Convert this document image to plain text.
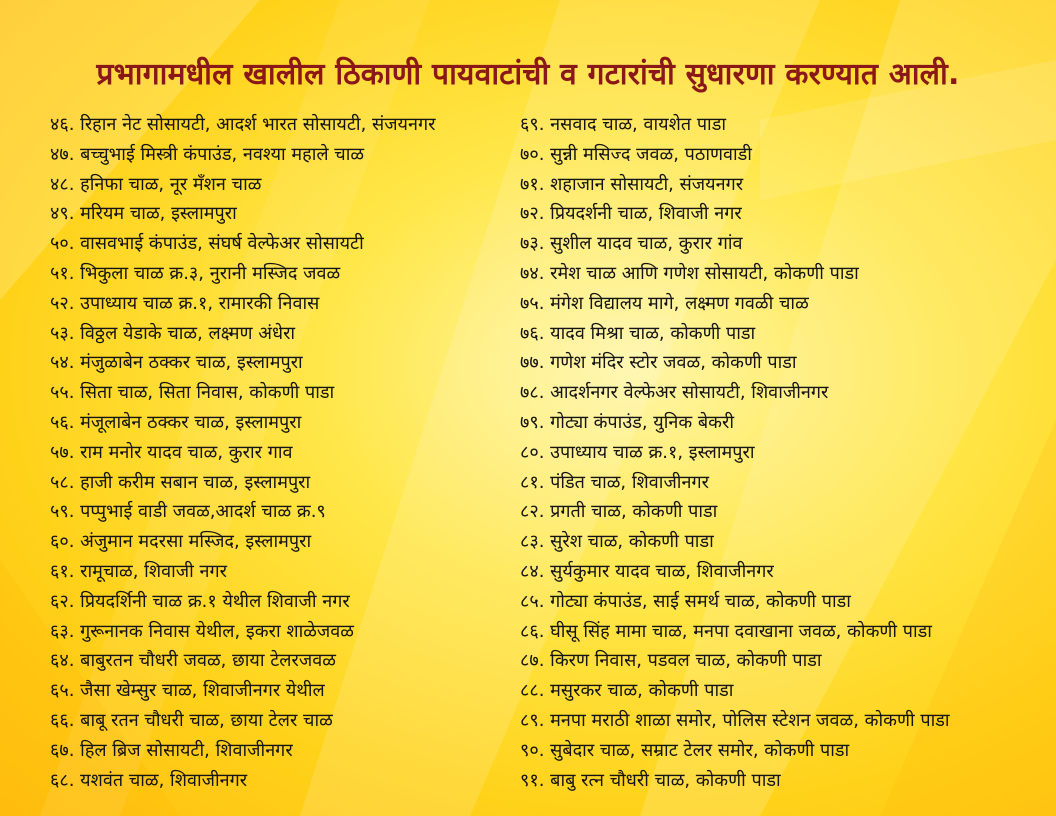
प्रभागामधील खालील ठिकाणी पायवाटांची व गटारांची सुधारणा करण्यात आली.
४६. रिहान नेट सोसायटी, आदर्श भारत सोसायटी, संजयनगर
४७. बच्चुभाई मिस्त्री कंपाउंड, नवश्या महाले चाळ
४८. हनिफा चाळ, नूर मँशन चाळ
४९. मरियम चाळ, इस्लामपुरा
५०. वासवभाई कंपाउंड, संघर्ष वेल्फेअर सोसायटी
५१. भिकुला चाळ क्र.३, नुरानी मस्जिद जवळ
५२. उपाध्याय चाळ क्र.१, रामारकी निवास
५३. विठ्ठल येडाके चाळ, लक्ष्मण अंधेरा
५४. मंजुळाबेन ठक्कर चाळ, इस्लामपुरा
५५. सिता चाळ, सिता निवास, कोकणी पाडा
५६. मंजूलाबेन ठक्कर चाळ, इस्लामपुरा
५७. राम मनोर यादव चाळ, कुरार गाव
५८. हाजी करीम सबान चाळ, इस्लामपुरा
५९. पप्पुभाई वाडी जवळ,आदर्श चाळ क्र.९
६०. अंजुमान मदरसा मस्जिद, इस्लामपुरा
६१. रामूचाळ, शिवाजी नगर
६२. प्रियदर्शिनी चाळ क्र.१ येथील शिवाजी नगर
६३. गुरूनानक निवास येथील, इकरा शाळेजवळ
६४. बाबुरतन चौधरी जवळ, छाया टेलरजवळ
६५. जैसा खेम्सुर चाळ, शिवाजीनगर येथील
६६. बाबू रतन चौधरी चाळ, छाया टेलर चाळ
६७. हिल ब्रिज सोसायटी, शिवाजीनगर
६८. यशवंत चाळ, शिवाजीनगर
६९. नसवाद चाळ, वायशेत पाडा
७०. सुन्नी मसिज्द जवळ, पठाणवाडी
७१. शहाजान सोसायटी, संजयनगर
७२. प्रियदर्शनी चाळ, शिवाजी नगर
७३. सुशील यादव चाळ, कुरार गांव
७४. रमेश चाळ आणि गणेश सोसायटी, कोकणी पाडा
७५. मंगेश विद्यालय मागे, लक्ष्मण गवळी चाळ
७६. यादव मिश्रा चाळ, कोकणी पाडा
७७. गणेश मंदिर स्टोर जवळ, कोकणी पाडा
७८. आदर्शनगर वेल्फेअर सोसायटी, शिवाजीनगर
७९. गोट्या कंपाउंड, युनिक बेकरी
८०. उपाध्याय चाळ क्र.१, इस्लामपुरा
८१. पंडित चाळ, शिवाजीनगर
८२. प्रगती चाळ, कोकणी पाडा
८३. सुरेश चाळ, कोकणी पाडा
८४. सुर्यकुमार यादव चाळ, शिवाजीनगर
८५. गोट्या कंपाउंड, साई समर्थ चाळ, कोकणी पाडा
८६. घीसू सिंह मामा चाळ, मनपा दवाखाना जवळ, कोकणी पाडा
८७. किरण निवास, पडवल चाळ, कोकणी पाडा
८८. मसुरकर चाळ, कोकणी पाडा
८९. मनपा मराठी शाळा समोर, पोलिस स्टेशन जवळ, कोकणी पाडा
९०. सुबेदार चाळ, सम्राट टेलर समोर, कोकणी पाडा
९१. बाबु रत्न चौधरी चाळ, कोकणी पाडा
